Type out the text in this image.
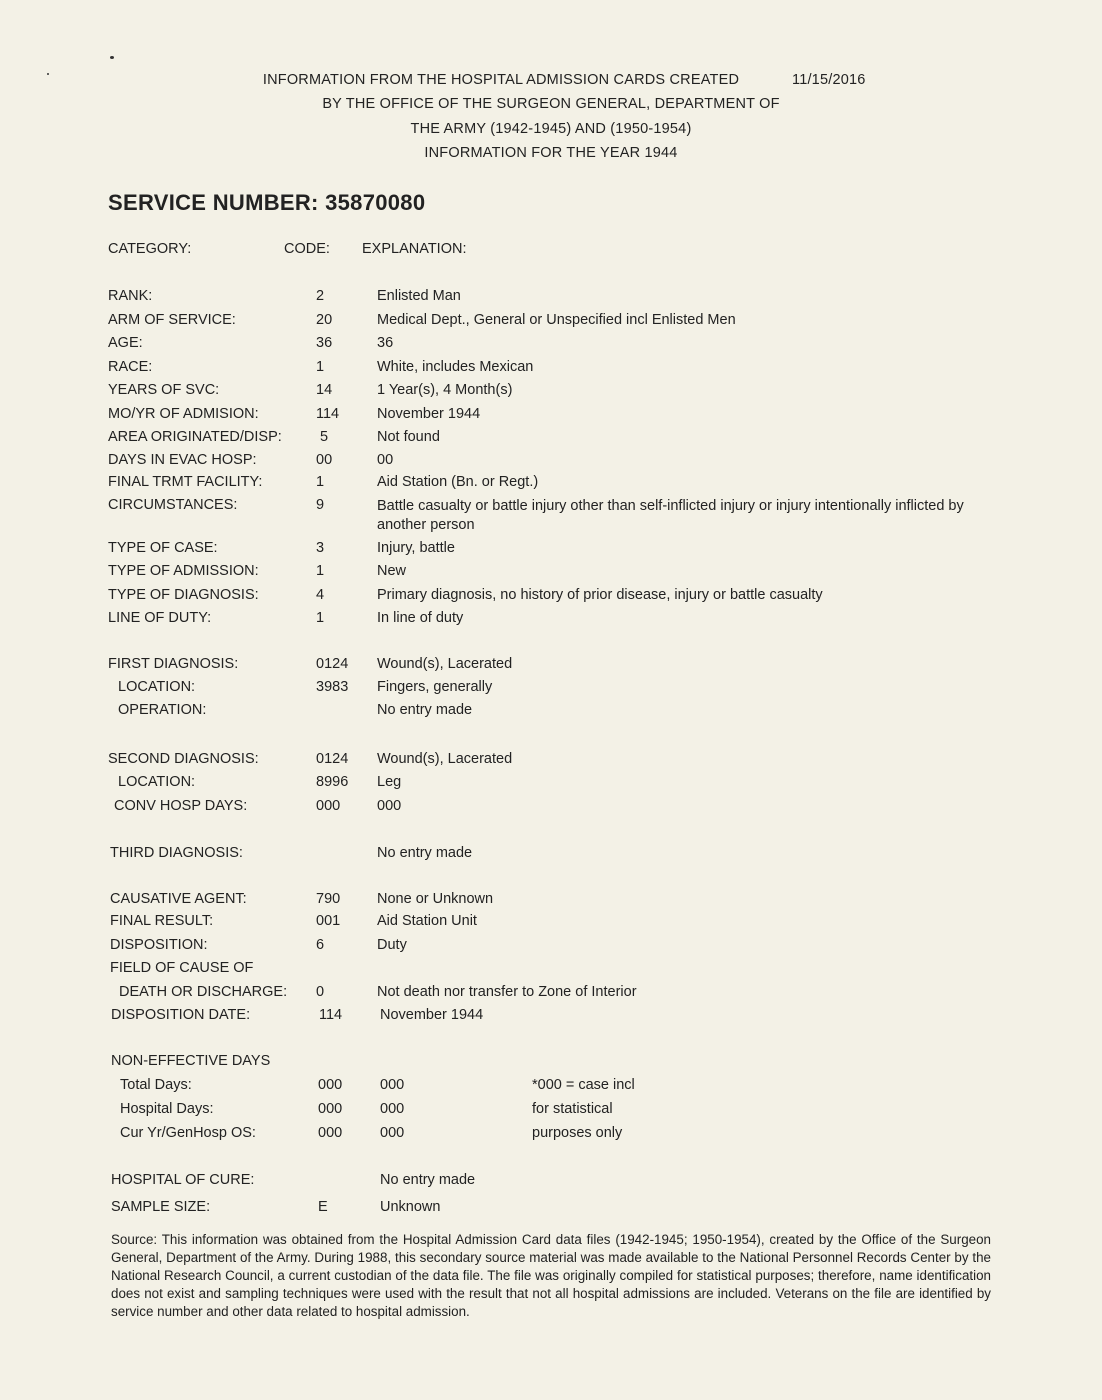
INFORMATION FROM THE HOSPITAL ADMISSION CARDS CREATED	11/15/2016
BY THE OFFICE OF THE SURGEON GENERAL, DEPARTMENT OF
THE ARMY (1942-1945) AND (1950-1954)
INFORMATION FOR THE YEAR 1944
SERVICE NUMBER: 35870080
CATEGORY:	CODE: EXPLANATION:
RANK:	2	Enlisted Man
ARM OF SERVICE:	20	Medical Dept., General or Unspecified incl Enlisted Men
AGE:	36	36
RACE:	1	White, includes Mexican
YEARS OF SVC:	14	1 Year(s), 4 Month(s)
MO/YR OF ADMISION:	114	November 1944
AREA ORIGINATED/DISP:	5	Not found
DAYS IN EVAC HOSP:	00	00
FINAL TRMT FACILITY:	1	Aid Station (Bn. or Regt.)
CIRCUMSTANCES:	9	Battle casualty or battle injury other than self-inflicted injury or injury intentionally inflicted by another person
TYPE OF CASE:	3	Injury, battle
TYPE OF ADMISSION:	1	New
TYPE OF DIAGNOSIS:	4	Primary diagnosis, no history of prior disease, injury or battle casualty
LINE OF DUTY:	1	In line of duty
FIRST DIAGNOSIS:	0124 Wound(s), Lacerated
LOCATION:	3983 Fingers, generally
OPERATION:	No entry made
SECOND DIAGNOSIS:	0124 Wound(s), Lacerated
LOCATION:	8996 Leg
CONV HOSP DAYS:	000	000
THIRD DIAGNOSIS:	No entry made
CAUSATIVE AGENT:	790	None or Unknown
FINAL RESULT:	001	Aid Station Unit
DISPOSITION:	6	Duty
FIELD OF CAUSE OF
DEATH OR DISCHARGE: 0	Not death nor transfer to Zone of Interior
DISPOSITION DATE:	114	November 1944
NON-EFFECTIVE DAYS
Total Days:	000	000	*000 = case incl
Hospital Days:	000	000	for statistical
Cur Yr/GenHosp OS:	000	000	purposes only
HOSPITAL OF CURE:	No entry made
SAMPLE SIZE:	E	Unknown
Source: This information was obtained from the Hospital Admission Card data files (1942-1945; 1950-1954), created by the Office of the Surgeon General, Department of the Army. During 1988, this secondary source material was made available to the National Personnel Records Center by the National Research Council, a current custodian of the data file. The file was originally compiled for statistical purposes; therefore, name identification does not exist and sampling techniques were used with the result that not all hospital admissions are included. Veterans on the file are identified by service number and other data related to hospital admission.
